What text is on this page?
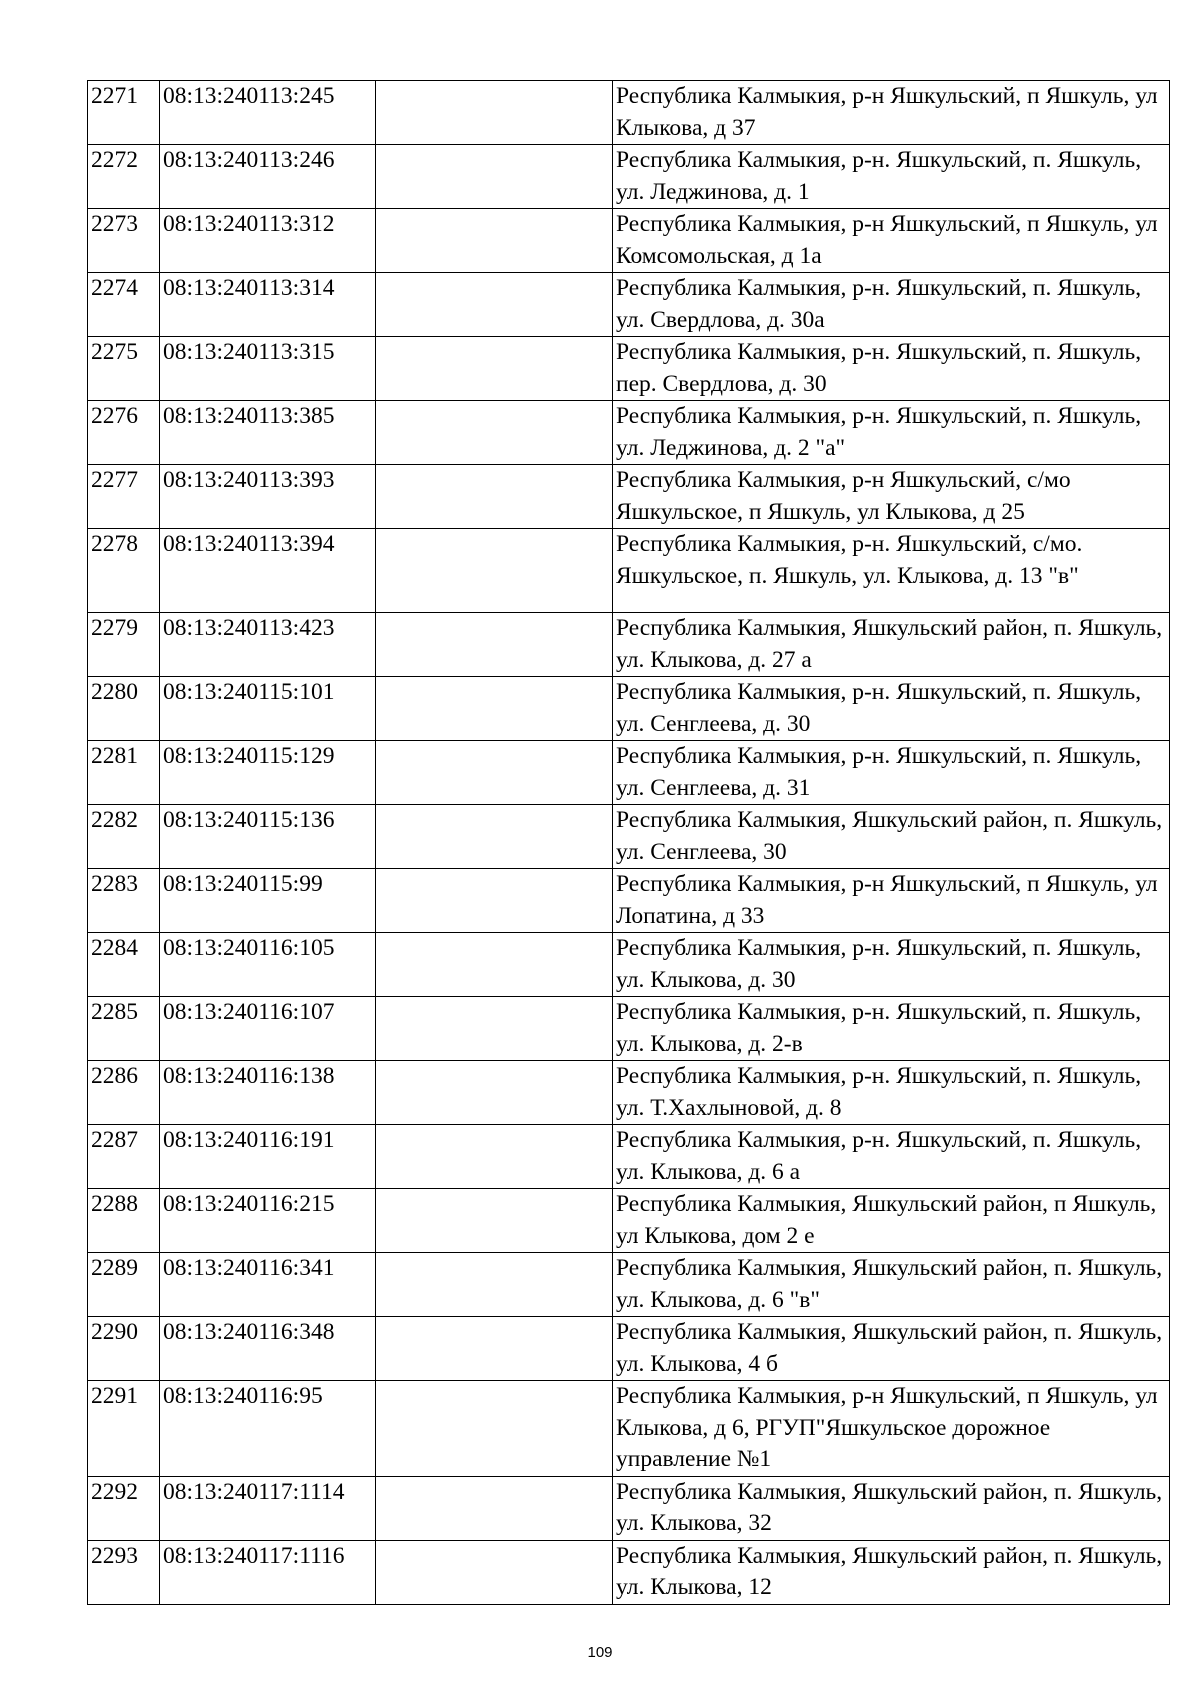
2271	08:13:240113:245		Республика Калмыкия, р-н Яшкульский, п Яшкуль, ул Клыкова, д 37
2272	08:13:240113:246		Республика Калмыкия, р-н. Яшкульский, п. Яшкуль, ул. Леджинова, д. 1
2273	08:13:240113:312		Республика Калмыкия, р-н Яшкульский, п Яшкуль, ул Комсомольская, д 1а
2274	08:13:240113:314		Республика Калмыкия, р-н. Яшкульский, п. Яшкуль, ул. Свердлова, д. 30а
2275	08:13:240113:315		Республика Калмыкия, р-н. Яшкульский, п. Яшкуль, пер. Свердлова, д. 30
2276	08:13:240113:385		Республика Калмыкия, р-н. Яшкульский, п. Яшкуль, ул. Леджинова, д. 2 "а"
2277	08:13:240113:393		Республика Калмыкия, р-н Яшкульский, с/мо Яшкульское, п Яшкуль, ул Клыкова, д 25
2278	08:13:240113:394		Республика Калмыкия, р-н. Яшкульский, с/мо. Яшкульское, п. Яшкуль, ул. Клыкова, д. 13 "в"
2279	08:13:240113:423		Республика Калмыкия, Яшкульский район, п. Яшкуль, ул. Клыкова, д. 27 а
2280	08:13:240115:101		Республика Калмыкия, р-н. Яшкульский, п. Яшкуль, ул. Сенглеева, д. 30
2281	08:13:240115:129		Республика Калмыкия, р-н. Яшкульский, п. Яшкуль, ул. Сенглеева, д. 31
2282	08:13:240115:136		Республика Калмыкия, Яшкульский район, п. Яшкуль, ул. Сенглеева, 30
2283	08:13:240115:99		Республика Калмыкия, р-н Яшкульский, п Яшкуль, ул Лопатина, д 33
2284	08:13:240116:105		Республика Калмыкия, р-н. Яшкульский, п. Яшкуль, ул. Клыкова, д. 30
2285	08:13:240116:107		Республика Калмыкия, р-н. Яшкульский, п. Яшкуль, ул. Клыкова, д. 2-в
2286	08:13:240116:138		Республика Калмыкия, р-н. Яшкульский, п. Яшкуль, ул. Т.Хахлыновой, д. 8
2287	08:13:240116:191		Республика Калмыкия, р-н. Яшкульский, п. Яшкуль, ул. Клыкова, д. 6 а
2288	08:13:240116:215		Республика Калмыкия, Яшкульский район, п Яшкуль, ул Клыкова, дом 2 е
2289	08:13:240116:341		Республика Калмыкия, Яшкульский район, п. Яшкуль, ул. Клыкова, д. 6 "в"
2290	08:13:240116:348		Республика Калмыкия, Яшкульский район, п. Яшкуль, ул. Клыкова, 4 б
2291	08:13:240116:95		Республика Калмыкия, р-н Яшкульский, п Яшкуль, ул Клыкова, д 6, РГУП"Яшкульское дорожное управление №1
2292	08:13:240117:1114		Республика Калмыкия, Яшкульский район, п. Яшкуль, ул. Клыкова, 32
2293	08:13:240117:1116		Республика Калмыкия, Яшкульский район, п. Яшкуль, ул. Клыкова, 12
109
